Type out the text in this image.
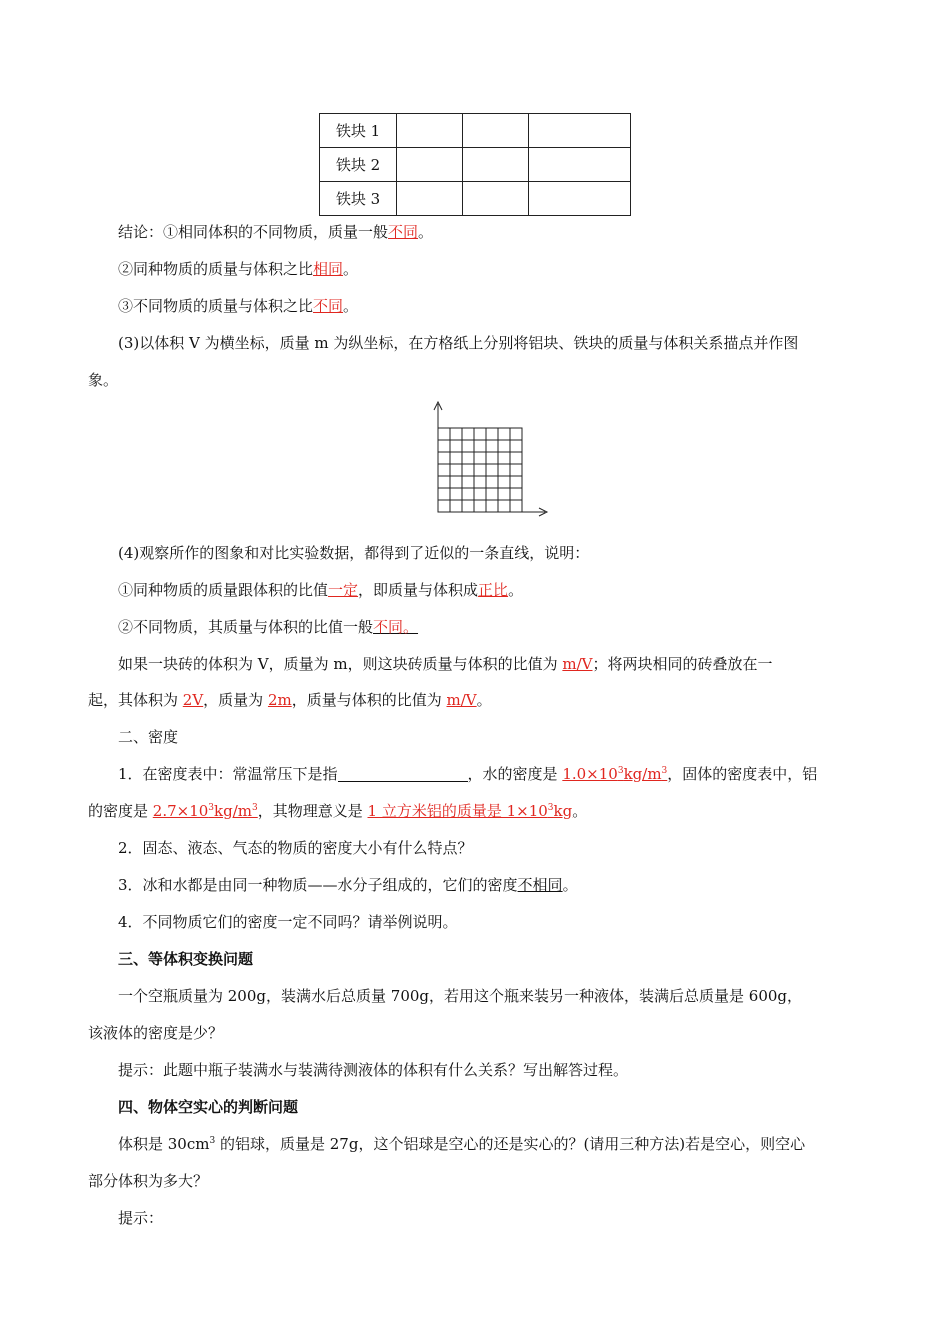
铁块 1			
铁块 2			
铁块 3			
结论：①相同体积的不同物质，质量一般不同。
②同种物质的质量与体积之比相同。
③不同物质的质量与体积之比不同。
(3)以体积 V 为横坐标，质量 m 为纵坐标，在方格纸上分别将铝块、铁块的质量与体积关系描点并作图
象。
(4)观察所作的图象和对比实验数据，都得到了近似的一条直线，说明：
①同种物质的质量跟体积的比值一定，即质量与体积成正比。
②不同物质，其质量与体积的比值一般不同。
如果一块砖的体积为 V，质量为 m，则这块砖质量与体积的比值为 m/V；将两块相同的砖叠放在一
起，其体积为 2V，质量为 2m，质量与体积的比值为 m/V。
二、密度
1．在密度表中：常温常压下是指	，水的密度是 $1.0\times 10^3kg/m^3$，固体的密度表中，铝
的密度是 $2.7\times 10^3kg/m^3$，其物理意义是 1 立方米铝的质量是 $1\times 10^3kg$。
2．固态、液态、气态的物质的密度大小有什么特点？
3．冰和水都是由同一种物质——水分子组成的，它们的密度不相同。
4．不同物质它们的密度一定不同吗？请举例说明。
三、等体积变换问题
一个空瓶质量为 200g，装满水后总质量 700g，若用这个瓶来装另一种液体，装满后总质量是 600g，
该液体的密度是少？
提示：此题中瓶子装满水与装满待测液体的体积有什么关系？写出解答过程。
四、物体空实心的判断问题
体积是 $30cm^3$ 的铝球，质量是 27g，这个铝球是空心的还是实心的？(请用三种方法)若是空心，则空心
部分体积为多大？
提示：
